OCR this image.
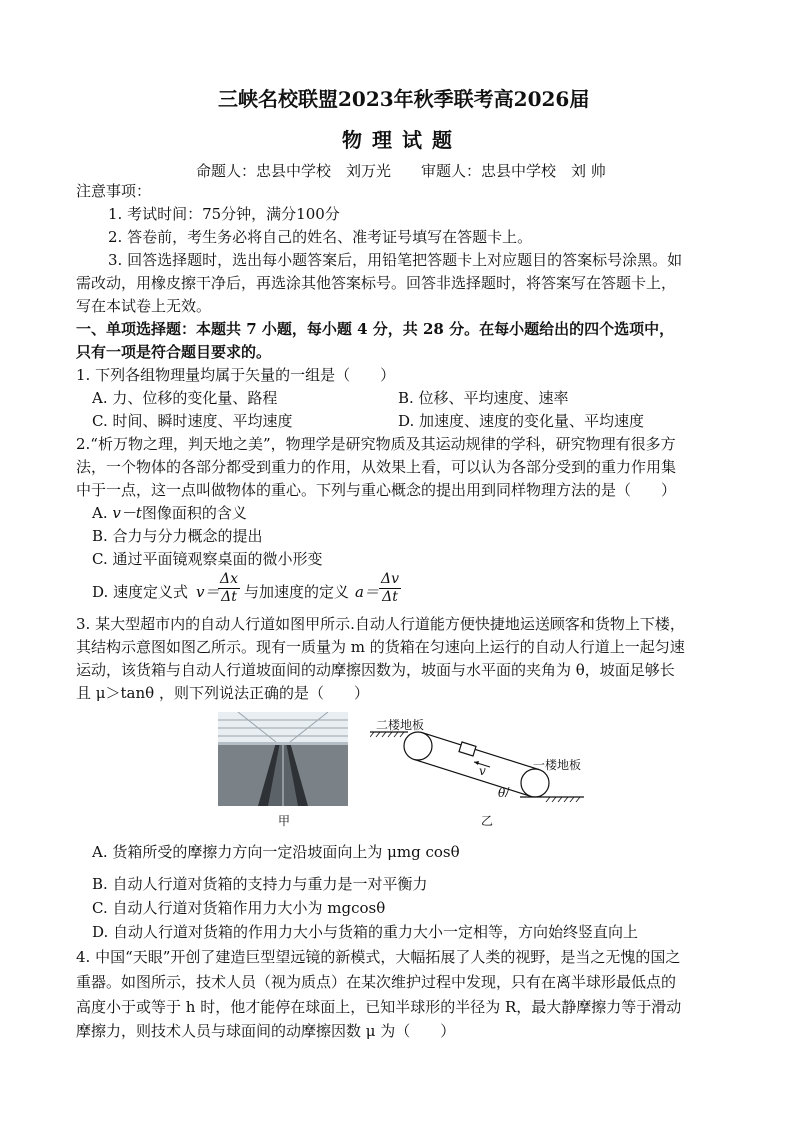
三峡名校联盟2023年秋季联考高2026届
物理试题
命题人：忠县中学校　刘万光　　审题人：忠县中学校　刘 帅
注意事项：
1. 考试时间：75分钟，满分100分
2. 答卷前，考生务必将自己的姓名、准考证号填写在答题卡上。
3. 回答选择题时，选出每小题答案后，用铅笔把答题卡上对应题目的答案标号涂黑。如
需改动，用橡皮擦干净后，再选涂其他答案标号。回答非选择题时，将答案写在答题卡上，
写在本试卷上无效。
一、单项选择题：本题共 7 小题，每小题 4 分，共 28 分。在每小题给出的四个选项中，
只有一项是符合题目要求的。
1. 下列各组物理量均属于矢量的一组是（　　）
A. 力、位移的变化量、路程	B. 位移、平均速度、速率
C. 时间、瞬时速度、平均速度	D. 加速度、速度的变化量、平均速度
2.“析万物之理，判天地之美”，物理学是研究物质及其运动规律的学科，研究物理有很多方
法，一个物体的各部分都受到重力的作用，从效果上看，可以认为各部分受到的重力作用集
中于一点，这一点叫做物体的重心。下列与重心概念的提出用到同样物理方法的是（　　）
A. v－t图像面积的含义
B. 合力与分力概念的提出
C. 通过平面镜观察桌面的微小形变
D. 速度定义式 v＝
$\frac{\Delta x}{\Delta t}$ 与加速度的定义 $a= \frac{\Delta v}{\Delta t}$
3. 某大型超市内的自动人行道如图甲所示.自动人行道能方便快捷地运送顾客和货物上下楼，
其结构示意图如图乙所示。现有一质量为 m 的货箱在匀速向上运行的自动人行道上一起匀速
运动，该货箱与自动人行道坡面间的动摩擦因数为，坡面与水平面的夹角为 θ，坡面足够长
且 μ＞tanθ ，则下列说法正确的是（　　）
甲
二楼地板
一楼地板
v
θ
乙
A. 货箱所受的摩擦力方向一定沿坡面向上为 μmg cosθ
B. 自动人行道对货箱的支持力与重力是一对平衡力
C. 自动人行道对货箱作用力大小为 mgcosθ
D. 自动人行道对货箱的作用力大小与货箱的重力大小一定相等，方向始终竖直向上
4. 中国“天眼”开创了建造巨型望远镜的新模式，大幅拓展了人类的视野，是当之无愧的国之
重器。如图所示，技术人员（视为质点）在某次维护过程中发现，只有在离半球形最低点的
高度小于或等于 h 时，他才能停在球面上，已知半球形的半径为 R，最大静摩擦力等于滑动
摩擦力，则技术人员与球面间的动摩擦因数 μ 为（　　）
